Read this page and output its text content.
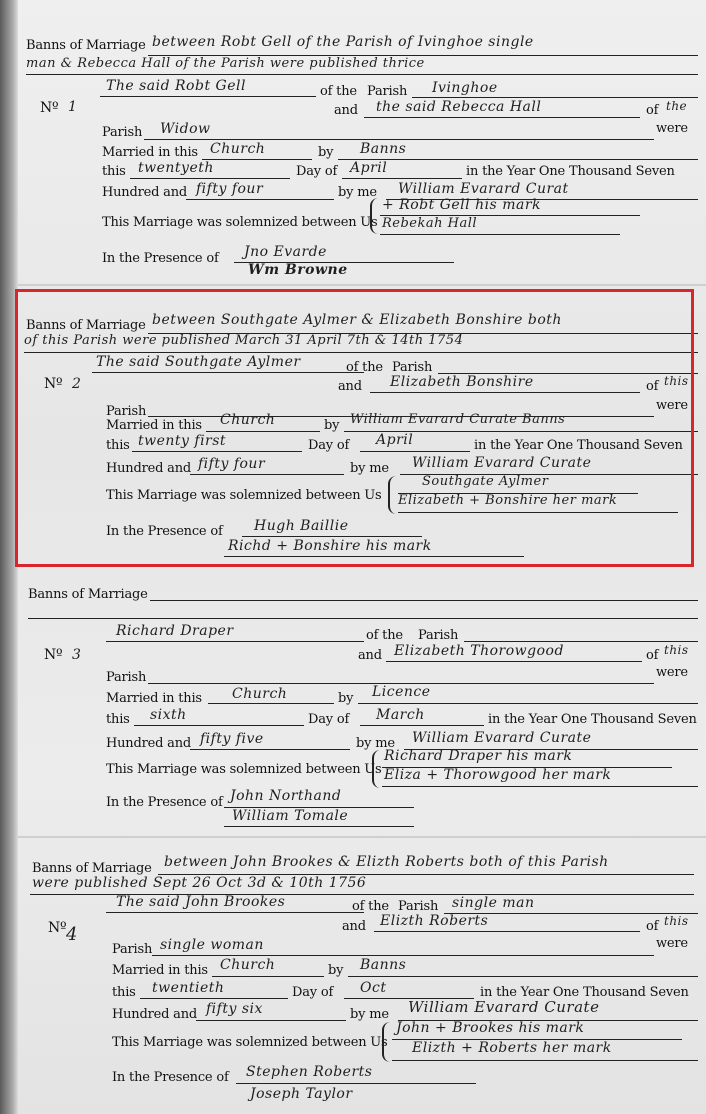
Banns of Marriage between Robt Gell of the Parish of Ivinghoe single
man & Rebecca Hall of the Parish were published thrice
Nº 1
The said Robt Gell	of the Parish Ivinghoe
and the said Rebecca Hall	of the
Parish Widow	were
Married in this Church	by Banns
this twentyeth	Day of April	in the Year One Thousand Seven
Hundred and fifty four	by me William Evarard Curat
This Marriage was solemnized between Us
+ Robt Gell his mark
Rebekah Hall
In the Presence of Jno Evarde
Wm Browne
Banns of Marriage between Southgate Aylmer & Elizabeth Bonshire both
of this Parish were published March 31 April 7th & 14th 1754
Nº 2
The said Southgate Aylmer	of the Parish
and Elizabeth Bonshire	of this
Parish	were
Married in this Church	by William Evarard Curate Banns
this twenty first	Day of April	in the Year One Thousand Seven
Hundred and fifty four	by me William Evarard Curate
This Marriage was solemnized between Us
Southgate Aylmer
Elizabeth + Bonshire her mark
In the Presence of Hugh Baillie
Richd + Bonshire his mark
Banns of Marriage
Nº 3
Richard Draper	of the Parish
and Elizabeth Thorowgood	of this
Parish	were
Married in this Church	by Licence
this sixth	Day of March	in the Year One Thousand Seven
Hundred and fifty five	by me William Evarard Curate
This Marriage was solemnized between Us
Richard Draper his mark
Eliza + Thorowgood her mark
In the Presence of John Northand
William Tomale
Banns of Marriage between John Brookes & Elizth Roberts both of this Parish
were published Sept 26 Oct 3d & 10th 1756
Nº 4
The said John Brookes	of the Parish single man
and Elizth Roberts	of this
Parish single woman	were
Married in this Church	by Banns
this twentieth	Day of Oct	in the Year One Thousand Seven
Hundred and fifty six	by me William Evarard Curate
This Marriage was solemnized between Us
John + Brookes his mark
Elizth + Roberts her mark
In the Presence of Stephen Roberts
Joseph Taylor
